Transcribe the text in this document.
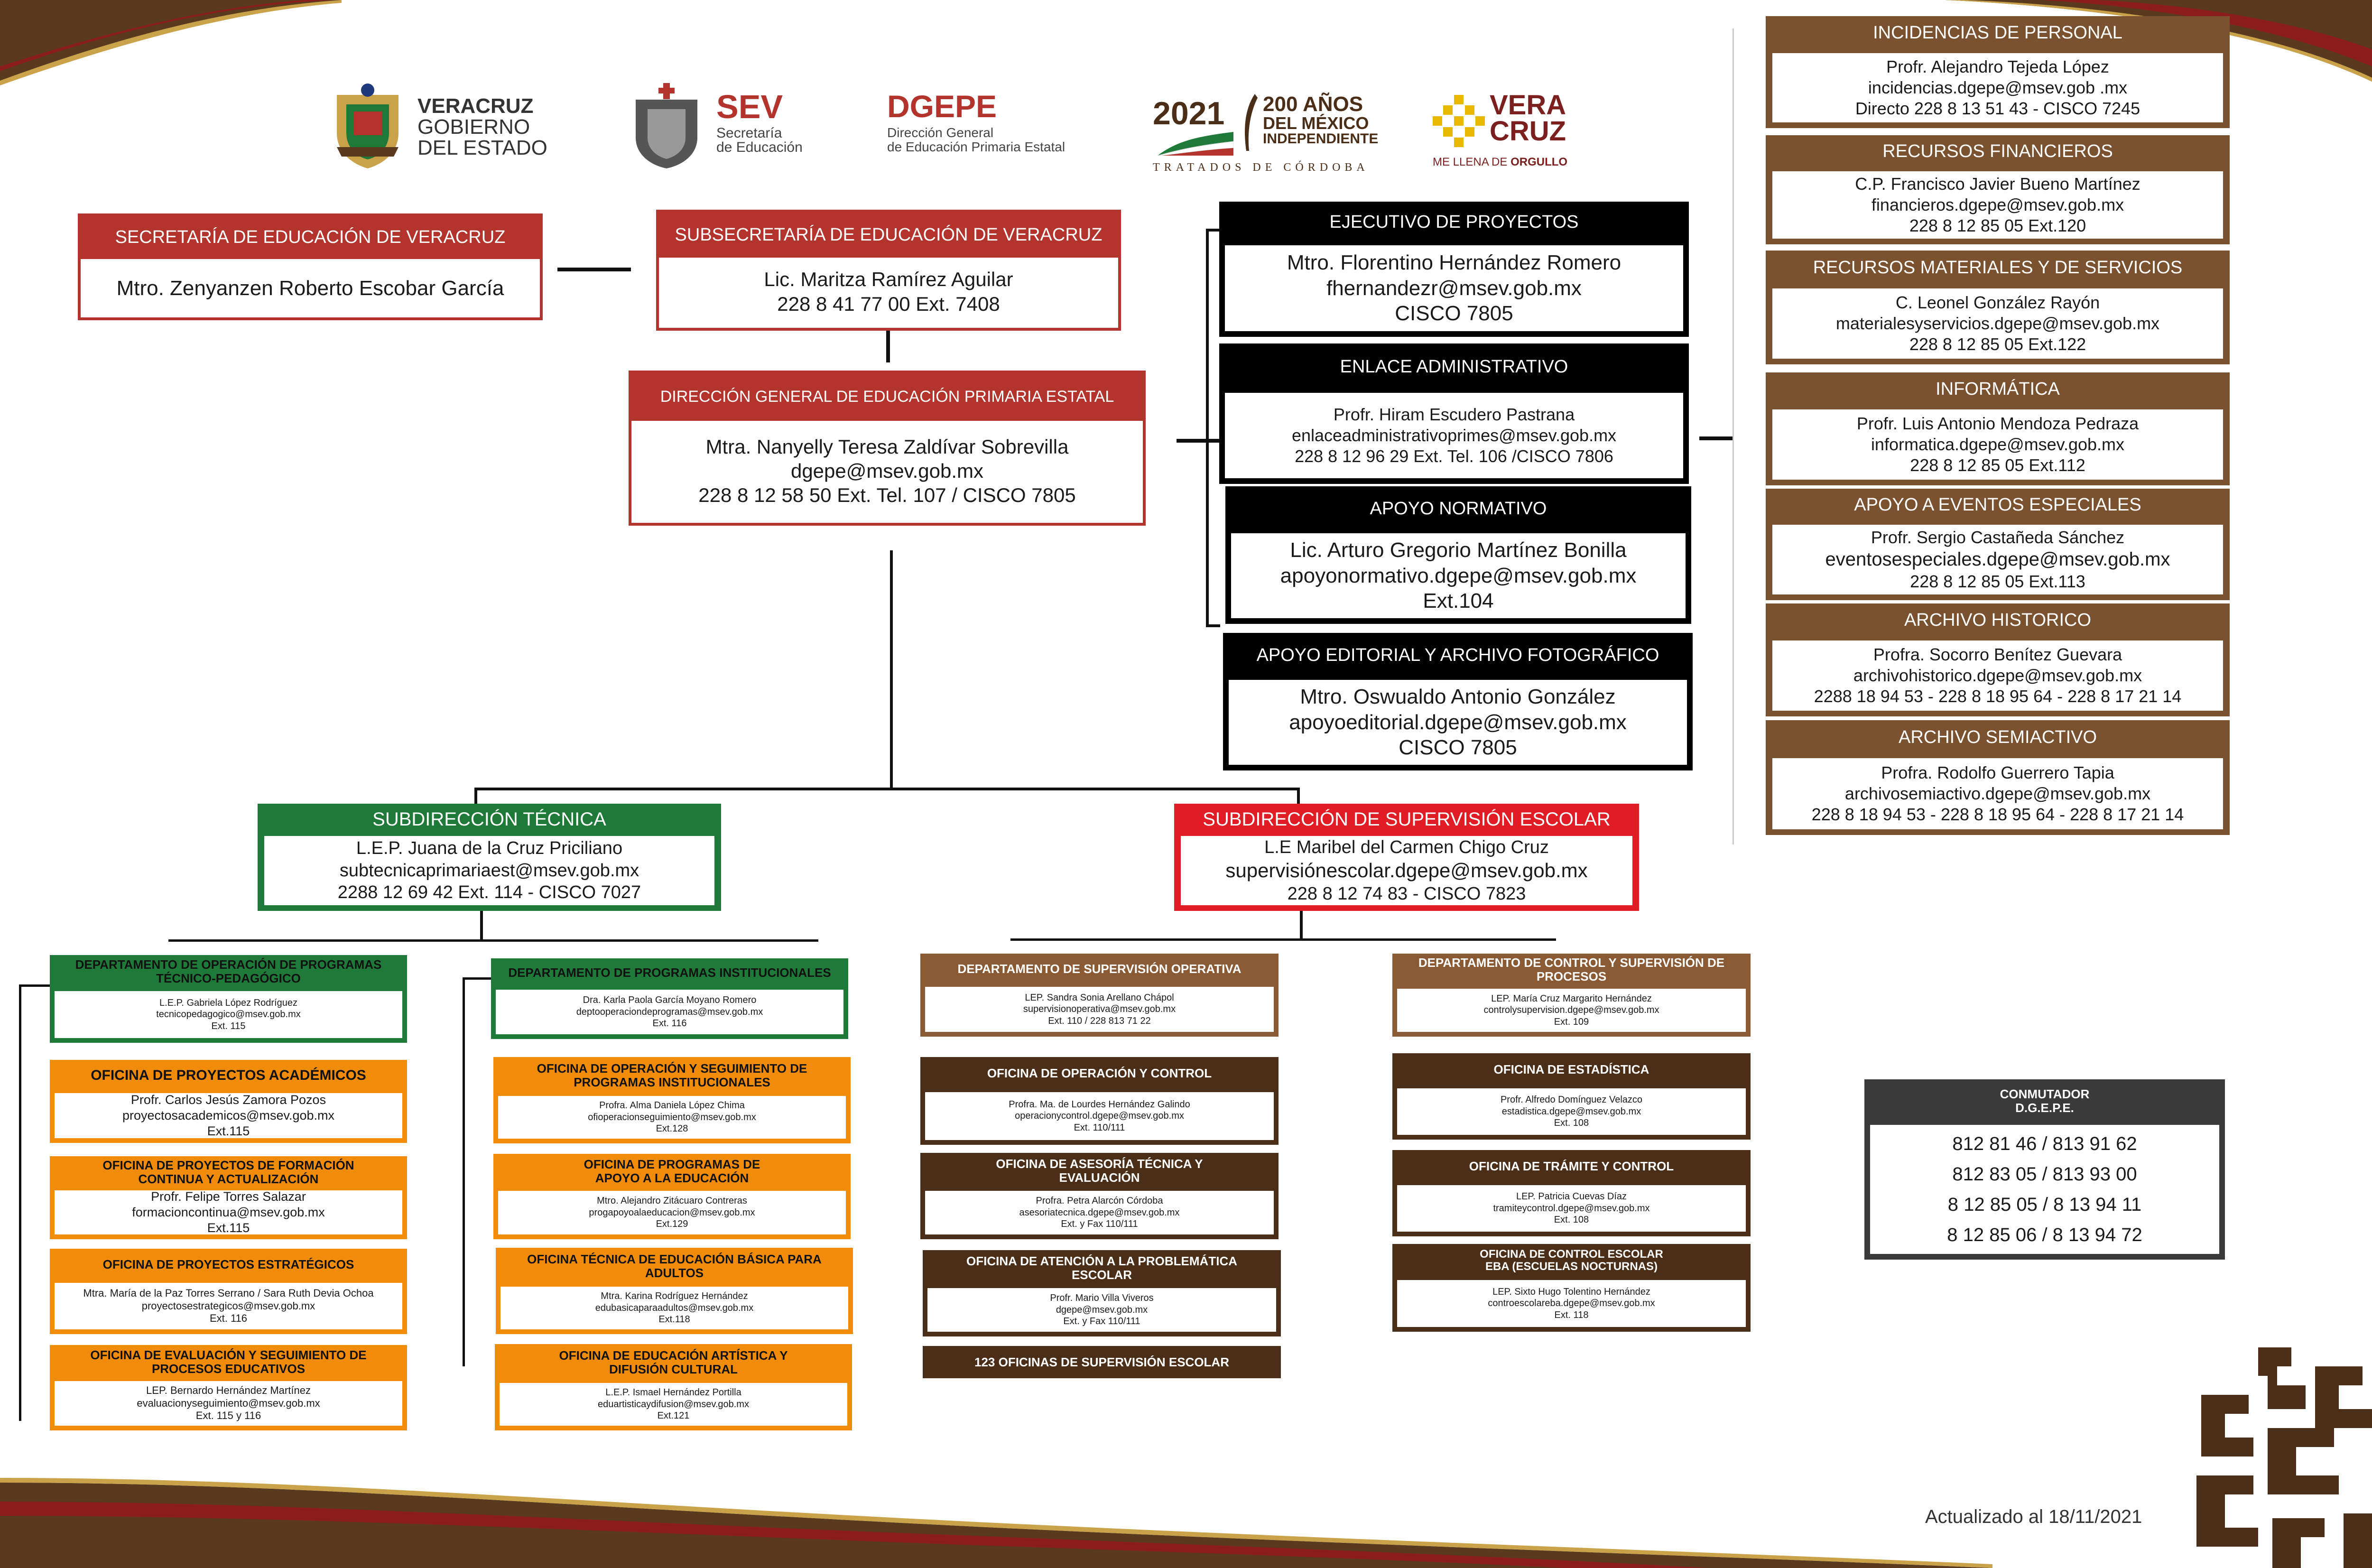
VERACRUZ
GOBIERNO
DEL ESTADO
SEV
Secretaría
de Educación
DGEPE
Dirección General
de Educación Primaria Estatal
2021 200 AÑOS
DEL MÉXICO
INDEPENDIENTE
TRATADOS DE CÓRDOBA
VERA
CRUZ
ME LLENA DE ORGULLO
SECRETARÍA DE EDUCACIÓN DE VERACRUZ
Mtro. Zenyanzen Roberto Escobar García
SUBSECRETARÍA DE EDUCACIÓN DE VERACRUZ
Lic. Maritza Ramírez Aguilar
228 8 41 77 00 Ext. 7408
DIRECCIÓN GENERAL DE EDUCACIÓN PRIMARIA ESTATAL
Mtra. Nanyelly Teresa Zaldívar Sobrevilla
dgepe@msev.gob.mx
228 8 12 58 50 Ext. Tel. 107 / CISCO 7805
EJECUTIVO DE PROYECTOS
Mtro. Florentino Hernández Romero
fhernandezr@msev.gob.mx
CISCO 7805
ENLACE ADMINISTRATIVO
Profr. Hiram Escudero Pastrana
enlaceadministrativoprimes@msev.gob.mx
228 8 12 96 29 Ext. Tel. 106 /CISCO 7806
APOYO NORMATIVO
Lic. Arturo Gregorio Martínez Bonilla
apoyonormativo.dgepe@msev.gob.mx
Ext.104
APOYO EDITORIAL Y ARCHIVO FOTOGRÁFICO
Mtro. Oswualdo Antonio González
apoyoeditorial.dgepe@msev.gob.mx
CISCO 7805
INCIDENCIAS DE PERSONAL
Profr. Alejandro Tejeda López
incidencias.dgepe@msev.gob .mx
Directo 228 8 13 51 43 - CISCO 7245
RECURSOS FINANCIEROS
C.P. Francisco Javier Bueno Martínez
financieros.dgepe@msev.gob.mx
228 8 12 85 05 Ext.120
RECURSOS MATERIALES Y DE SERVICIOS
C. Leonel González Rayón
materialesyservicios.dgepe@msev.gob.mx
228 8 12 85 05 Ext.122
INFORMÁTICA
Profr. Luis Antonio Mendoza Pedraza
informatica.dgepe@msev.gob.mx
228 8 12 85 05 Ext.112
APOYO A EVENTOS ESPECIALES
Profr. Sergio Castañeda Sánchez
eventosespeciales.dgepe@msev.gob.mx
228 8 12 85 05 Ext.113
ARCHIVO HISTORICO
Profra. Socorro Benítez Guevara
archivohistorico.dgepe@msev.gob.mx
2288 18 94 53 - 228 8 18 95 64 - 228 8 17 21 14
ARCHIVO SEMIACTIVO
Profra. Rodolfo Guerrero Tapia
archivosemiactivo.dgepe@msev.gob.mx
228 8 18 94 53 - 228 8 18 95 64 - 228 8 17 21 14
SUBDIRECCIÓN TÉCNICA
L.E.P. Juana de la Cruz Priciliano
subtecnicaprimariaest@msev.gob.mx
2288 12 69 42 Ext. 114 - CISCO 7027
SUBDIRECCIÓN DE SUPERVISIÓN ESCOLAR
L.E Maribel del Carmen Chigo Cruz
supervisiónescolar.dgepe@msev.gob.mx
228 8 12 74 83 - CISCO 7823
DEPARTAMENTO DE OPERACIÓN DE PROGRAMAS TÉCNICO-PEDAGÓGICO
L.E.P. Gabriela López Rodríguez
tecnicopedagogico@msev.gob.mx
Ext. 115
OFICINA DE PROYECTOS ACADÉMICOS
Profr. Carlos Jesús Zamora Pozos
proyectosacademicos@msev.gob.mx
Ext.115
OFICINA DE PROYECTOS DE FORMACIÓN CONTINUA Y ACTUALIZACIÓN
Profr. Felipe Torres Salazar
formacioncontinua@msev.gob.mx
Ext.115
OFICINA DE PROYECTOS ESTRATÉGICOS
Mtra. María de la Paz Torres Serrano / Sara Ruth Devia Ochoa
proyectosestrategicos@msev.gob.mx
Ext. 116
OFICINA DE EVALUACIÓN Y SEGUIMIENTO DE PROCESOS EDUCATIVOS
LEP. Bernardo Hernández Martínez
evaluacionyseguimiento@msev.gob.mx
Ext. 115 y 116
DEPARTAMENTO DE PROGRAMAS INSTITUCIONALES
Dra. Karla Paola García Moyano Romero
deptooperaciondeprogramas@msev.gob.mx
Ext. 116
OFICINA DE OPERACIÓN Y SEGUIMIENTO DE PROGRAMAS INSTITUCIONALES
Profra. Alma Daniela López Chima
ofioperacionseguimiento@msev.gob.mx
Ext.128
OFICINA DE PROGRAMAS DE APOYO A LA EDUCACIÓN
Mtro. Alejandro Zitácuaro Contreras
progapoyoalaeducacion@msev.gob.mx
Ext.129
OFICINA TÉCNICA DE EDUCACIÓN BÁSICA PARA ADULTOS
Mtra. Karina Rodríguez Hernández
edubasicaparaadultos@msev.gob.mx
Ext.118
OFICINA DE EDUCACIÓN ARTÍSTICA Y DIFUSIÓN CULTURAL
L.E.P. Ismael Hernández Portilla
eduartisticaydifusion@msev.gob.mx
Ext.121
DEPARTAMENTO DE SUPERVISIÓN OPERATIVA
LEP. Sandra Sonia Arellano Chápol
supervisionoperativa@msev.gob.mx
Ext. 110 / 228 813 71 22
OFICINA DE OPERACIÓN Y CONTROL
Profra. Ma. de Lourdes Hernández Galindo
operacionycontrol.dgepe@msev.gob.mx
Ext. 110/111
OFICINA DE ASESORÍA TÉCNICA Y EVALUACIÓN
Profra. Petra Alarcón Córdoba
asesoriatecnica.dgepe@msev.gob.mx
Ext. y Fax 110/111
OFICINA DE ATENCIÓN A LA PROBLEMÁTICA ESCOLAR
Profr. Mario Villa Viveros
dgepe@msev.gob.mx
Ext. y Fax 110/111
123 OFICINAS DE SUPERVISIÓN ESCOLAR
DEPARTAMENTO DE CONTROL Y SUPERVISIÓN DE PROCESOS
LEP. María Cruz Margarito Hernández
controlysupervision.dgepe@msev.gob.mx
Ext. 109
OFICINA DE ESTADÍSTICA
Profr. Alfredo Domínguez Velazco
estadistica.dgepe@msev.gob.mx
Ext. 108
OFICINA DE TRÁMITE Y CONTROL
LEP. Patricia Cuevas Díaz
tramiteycontrol.dgepe@msev.gob.mx
Ext. 108
OFICINA DE CONTROL ESCOLAR EBA (ESCUELAS NOCTURNAS)
LEP. Sixto Hugo Tolentino Hernández
controescolareba.dgepe@msev.gob.mx
Ext. 118
CONMUTADOR
D.G.E.P.E.
812 81 46 / 813 91 62
812 83 05 / 813 93 00
8 12 85 05 / 8 13 94 11
8 12 85 06 / 8 13 94 72
Actualizado al 18/11/2021
